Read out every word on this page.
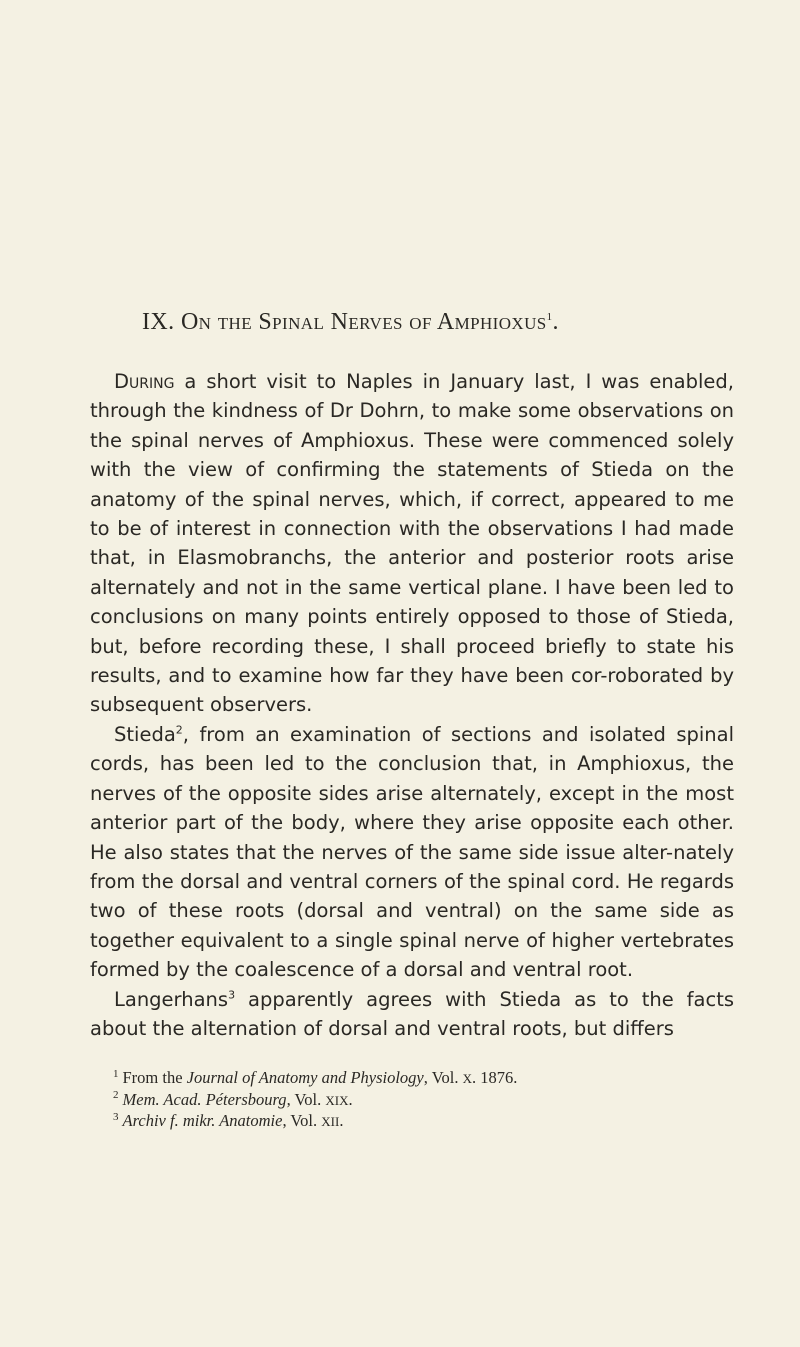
IX. ON THE SPINAL NERVES OF AMPHIOXUS$^1$.

During a short visit to Naples in January last, I was enabled, through the kindness of Dr Dohrn, to make some observations on the spinal nerves of Amphioxus. These were commenced solely with the view of confirming the statements of Stieda on the anatomy of the spinal nerves, which, if correct, appeared to me to be of interest in connection with the observations I had made that, in Elasmobranchs, the anterior and posterior roots arise alternately and not in the same vertical plane. I have been led to conclusions on many points entirely opposed to those of Stieda, but, before recording these, I shall proceed briefly to state his results, and to examine how far they have been cor-roborated by subsequent observers.

Stieda$^2$, from an examination of sections and isolated spinal cords, has been led to the conclusion that, in Amphioxus, the nerves of the opposite sides arise alternately, except in the most anterior part of the body, where they arise opposite each other. He also states that the nerves of the same side issue alter-nately from the dorsal and ventral corners of the spinal cord. He regards two of these roots (dorsal and ventral) on the same side as together equivalent to a single spinal nerve of higher vertebrates formed by the coalescence of a dorsal and ventral root.

Langerhans$^3$ apparently agrees with Stieda as to the facts about the alternation of dorsal and ventral roots, but differs

$^1$ From the Journal of Anatomy and Physiology, Vol. X. 1876.

$^2$ Mem. Acad. Pétersbourg, Vol. XIX.

$^3$ Archiv f. mikr. Anatomie, Vol. XII.
